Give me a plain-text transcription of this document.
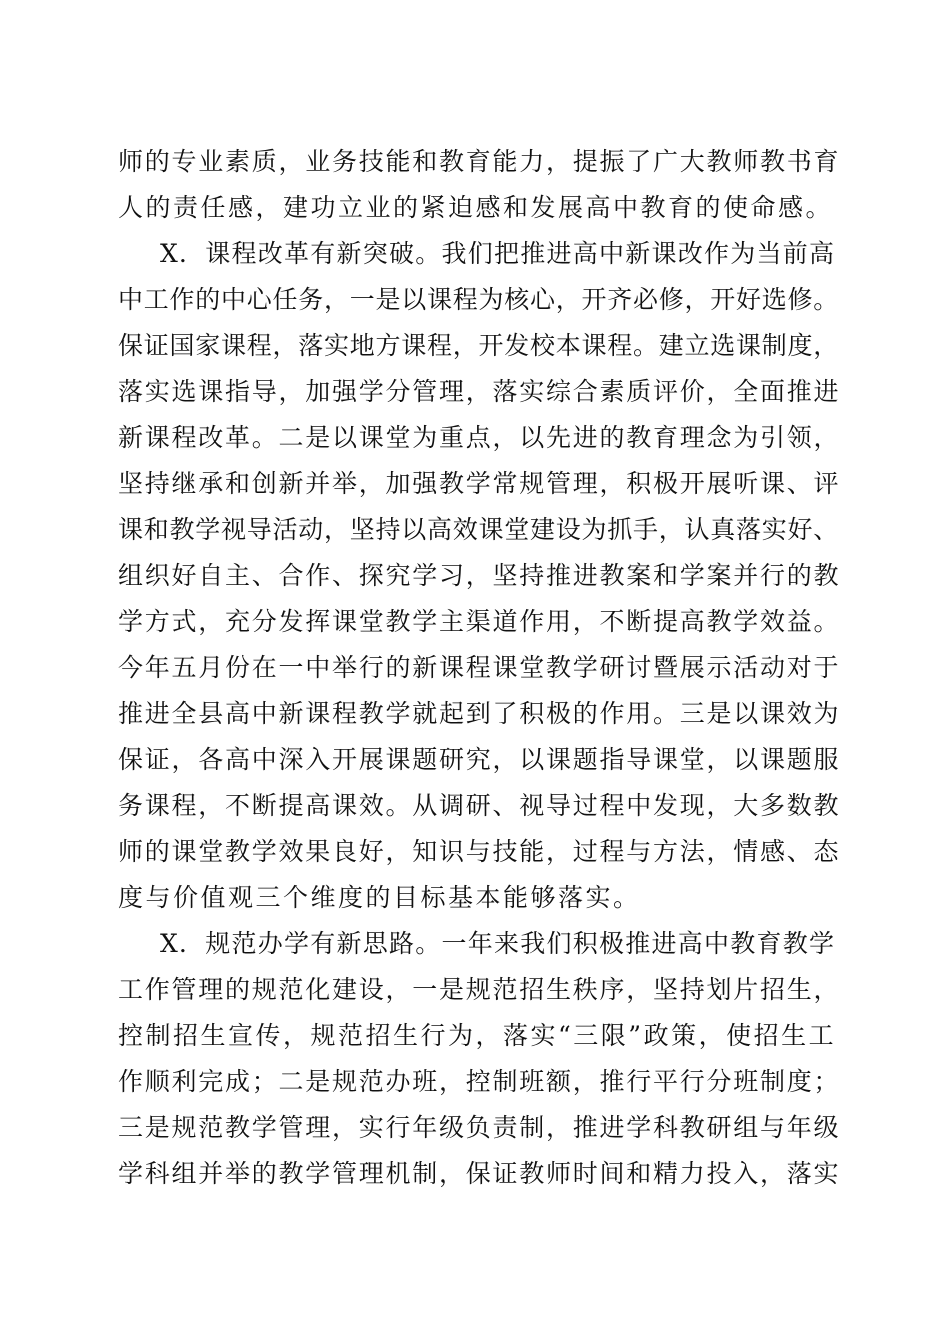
师的专业素质，业务技能和教育能力，提振了广大教师教书育
人的责任感，建功立业的紧迫感和发展高中教育的使命感。
X．课程改革有新突破。我们把推进高中新课改作为当前高
中工作的中心任务，一是以课程为核心，开齐必修，开好选修。
保证国家课程，落实地方课程，开发校本课程。建立选课制度，
落实选课指导，加强学分管理，落实综合素质评价，全面推进
新课程改革。二是以课堂为重点，以先进的教育理念为引领，
坚持继承和创新并举，加强教学常规管理，积极开展听课、评
课和教学视导活动，坚持以高效课堂建设为抓手，认真落实好、
组织好自主、合作、探究学习，坚持推进教案和学案并行的教
学方式，充分发挥课堂教学主渠道作用，不断提高教学效益。
今年五月份在一中举行的新课程课堂教学研讨暨展示活动对于
推进全县高中新课程教学就起到了积极的作用。三是以课效为
保证，各高中深入开展课题研究，以课题指导课堂，以课题服
务课程，不断提高课效。从调研、视导过程中发现，大多数教
师的课堂教学效果良好，知识与技能，过程与方法，情感、态
度与价值观三个维度的目标基本能够落实。
X．规范办学有新思路。一年来我们积极推进高中教育教学
工作管理的规范化建设，一是规范招生秩序，坚持划片招生，
控制招生宣传，规范招生行为，落实“三限”政策，使招生工
作顺利完成；二是规范办班，控制班额，推行平行分班制度；
三是规范教学管理，实行年级负责制，推进学科教研组与年级
学科组并举的教学管理机制，保证教师时间和精力投入，落实
